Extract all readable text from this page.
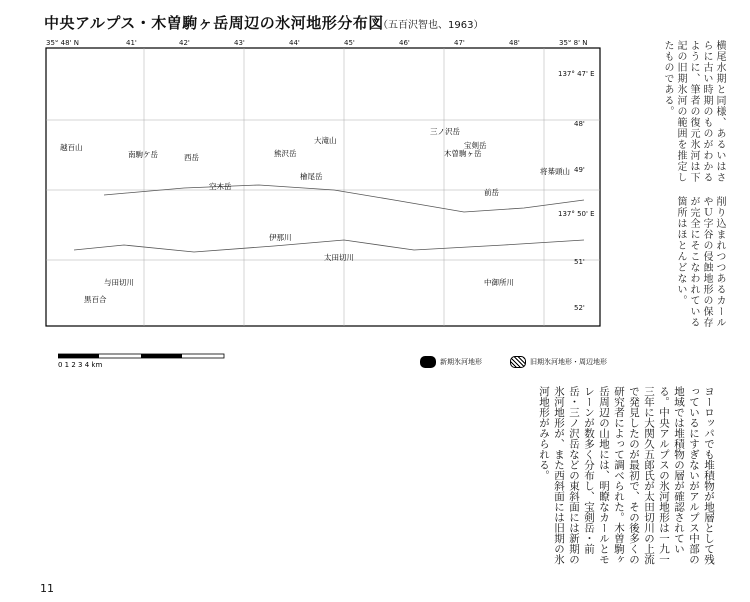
中央アルプス・木曽駒ヶ岳周辺の氷河地形分布図
（五百沢智也、1963）
35° 48' N	41'	42'	43'	44'	45'	46'	47'	48'	35° 8' N
137° 47' E
48'
49'
137° 50' E
51'
52'
越百山
南駒ケ岳	西岳
空木岳
檜尾岳
熊沢岳
大滝山
三ノ沢岳
木曽駒ヶ岳
宝剣岳
前岳
将棊頭山
黒百合
伊那川
太田切川
中御所川
与田切川
0 1 2 3 4 km	新期氷河地形	旧期氷河地形・周辺地形
横尾水期と同様、あるいはさらに古い時期のものがわかるように、筆者の復元氷河は下記の旧期氷河の範囲を推定したものである。
削り込まれつつあるカールやＵ字谷の侵蝕地形の保存が完全にそこなわれている箇所はほとんどない。
ヨーロッパでも堆積物が地層として残っているにすぎないがアルプス中部の地域では堆積物の層が確認されている。中央アルプスの氷河地形は一九一三年に大関久五郎氏が太田切川の上流で発見したのが最初で、その後多くの研究者によって調べられた。木曽駒ヶ岳周辺の山地には、明瞭なカールとモレーンが数多く分布し、宝剣岳・前岳・三ノ沢岳などの東斜面には新期の氷河地形が、また西斜面には旧期の氷河地形がみられる。
11
